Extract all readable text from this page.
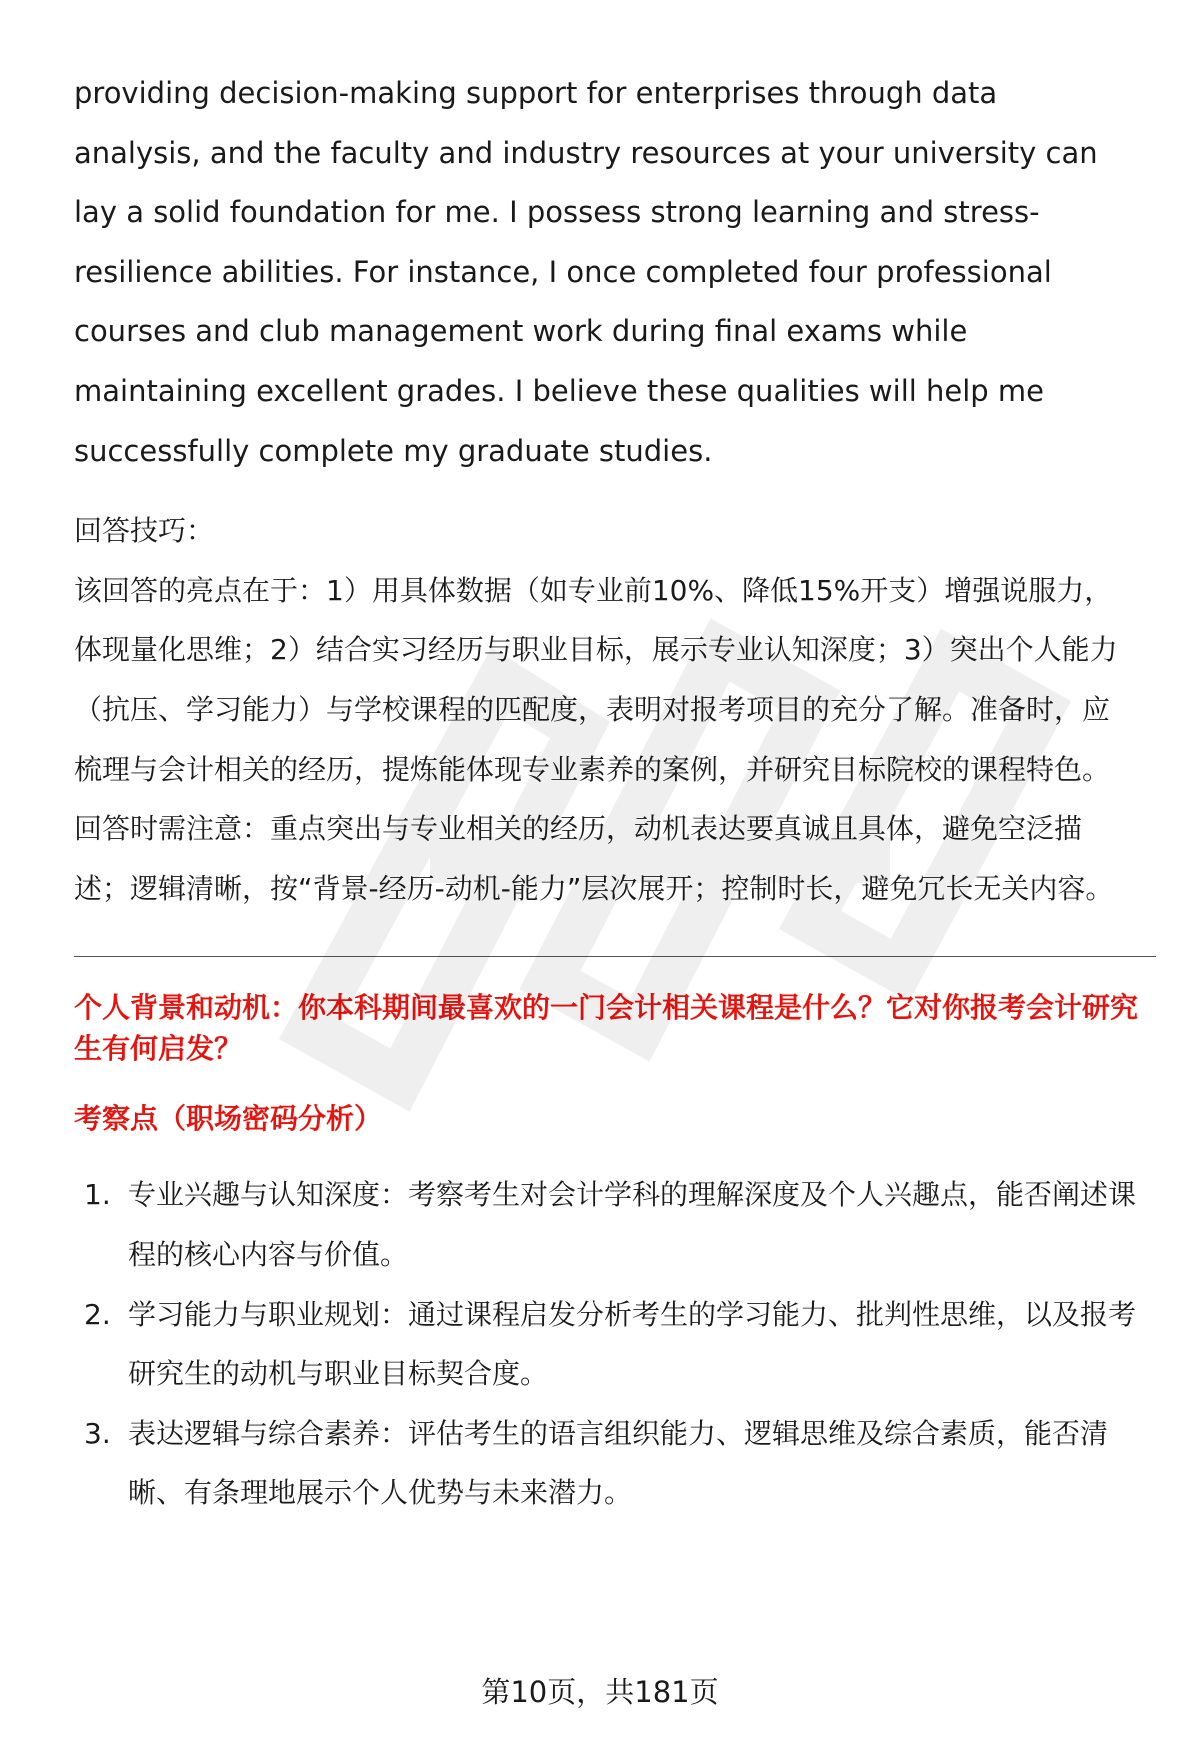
providing decision-making support for enterprises through data analysis, and the faculty and industry resources at your university can lay a solid foundation for me. I possess strong learning and stress-resilience abilities. For instance, I once completed four professional courses and club management work during final exams while maintaining excellent grades. I believe these qualities will help me successfully complete my graduate studies.

回答技巧：

该回答的亮点在于：1）用具体数据（如专业前10%、降低15%开支）增强说服力，体现量化思维；2）结合实习经历与职业目标，展示专业认知深度；3）突出个人能力（抗压、学习能力）与学校课程的匹配度，表明对报考项目的充分了解。准备时，应梳理与会计相关的经历，提炼能体现专业素养的案例，并研究目标院校的课程特色。回答时需注意：重点突出与专业相关的经历，动机表达要真诚且具体，避免空泛描述；逻辑清晰，按“背景-经历-动机-能力”层次展开；控制时长，避免冗长无关内容。

个人背景和动机：你本科期间最喜欢的一门会计相关课程是什么？它对你报考会计研究生有何启发？
考察点（职场密码分析）
1. 专业兴趣与认知深度：考察考生对会计学科的理解深度及个人兴趣点，能否阐述课程的核心内容与价值。
2. 学习能力与职业规划：通过课程启发分析考生的学习能力、批判性思维，以及报考研究生的动机与职业目标契合度。
3. 表达逻辑与综合素养：评估考生的语言组织能力、逻辑思维及综合素质，能否清晰、有条理地展示个人优势与未来潜力。
第10页，共181页
